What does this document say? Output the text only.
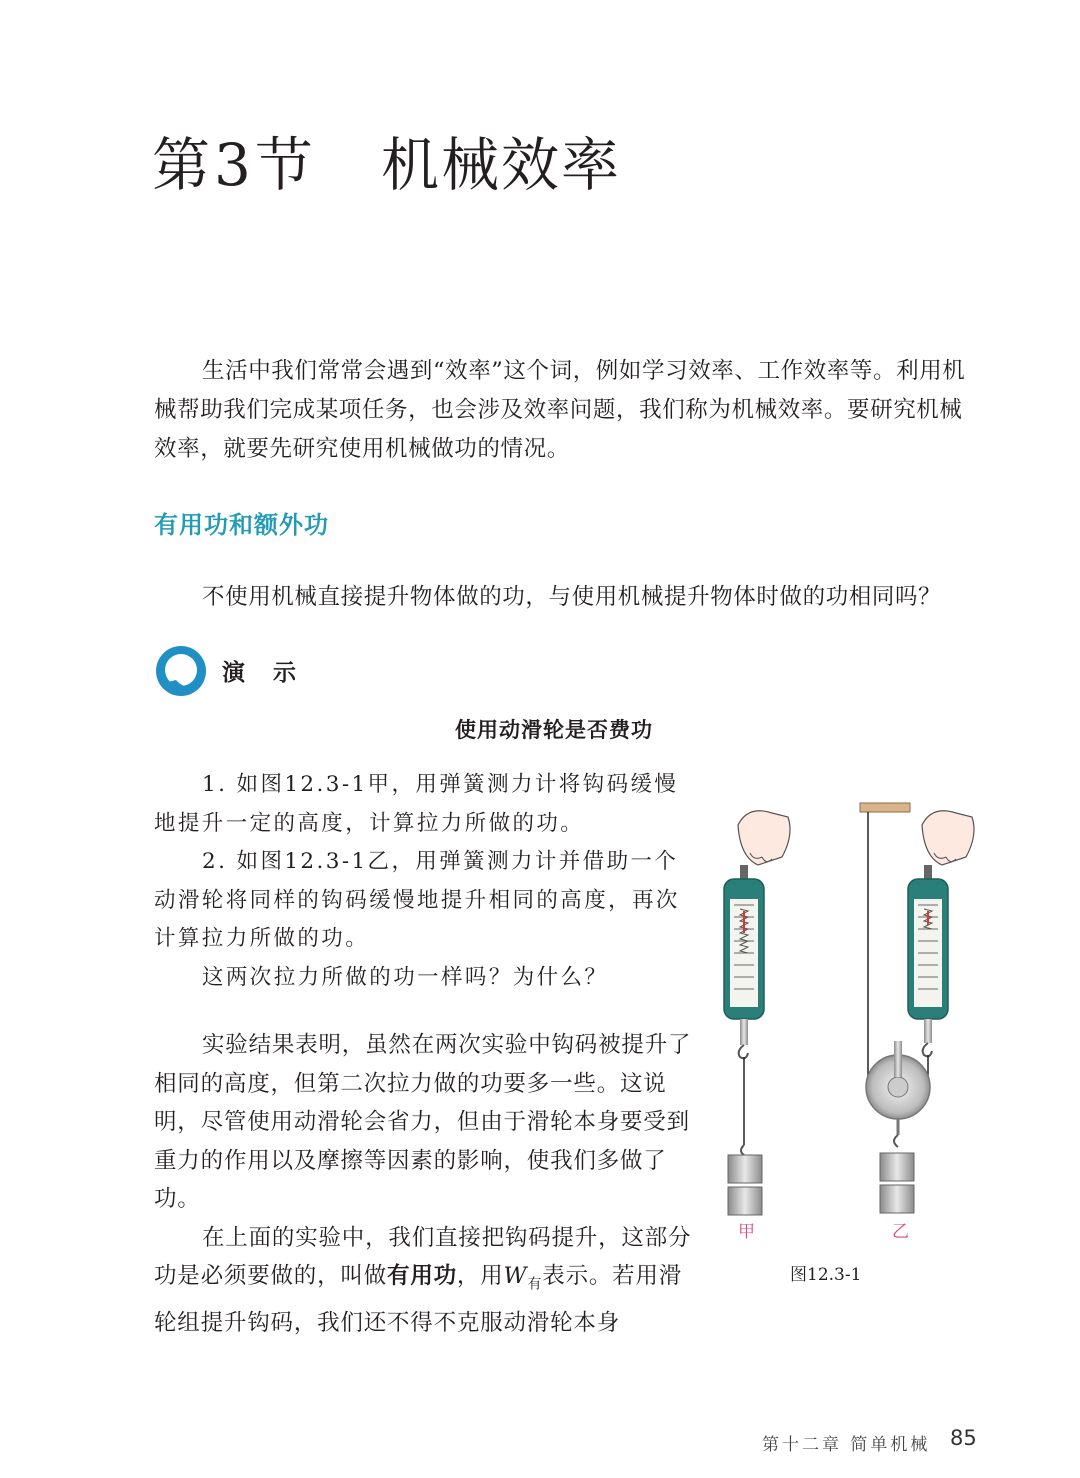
第3节 机械效率

生活中我们常常会遇到“效率”这个词，例如学习效率、工作效率等。利用机械帮助我们完成某项任务，也会涉及效率问题，我们称为机械效率。要研究机械效率，就要先研究使用机械做功的情况。

有用功和额外功

不使用机械直接提升物体做的功，与使用机械提升物体时做的功相同吗？

演 示
使用动滑轮是否费功

1. 如图12.3-1甲，用弹簧测力计将钩码缓慢地提升一定的高度，计算拉力所做的功。

2. 如图12.3-1乙，用弹簧测力计并借助一个动滑轮将同样的钩码缓慢地提升相同的高度，再次计算拉力所做的功。

这两次拉力所做的功一样吗？为什么？

实验结果表明，虽然在两次实验中钩码被提升了相同的高度，但第二次拉力做的功要多一些。这说明，尽管使用动滑轮会省力，但由于滑轮本身要受到重力的作用以及摩擦等因素的影响，使我们多做了功。

在上面的实验中，我们直接把钩码提升，这部分功是必须要做的，叫做有用功，用$W_有$表示。若用滑轮组提升钩码，我们还不得不克服动滑轮本身

甲	乙
图12.3-1
第十二章 简单机械 85
